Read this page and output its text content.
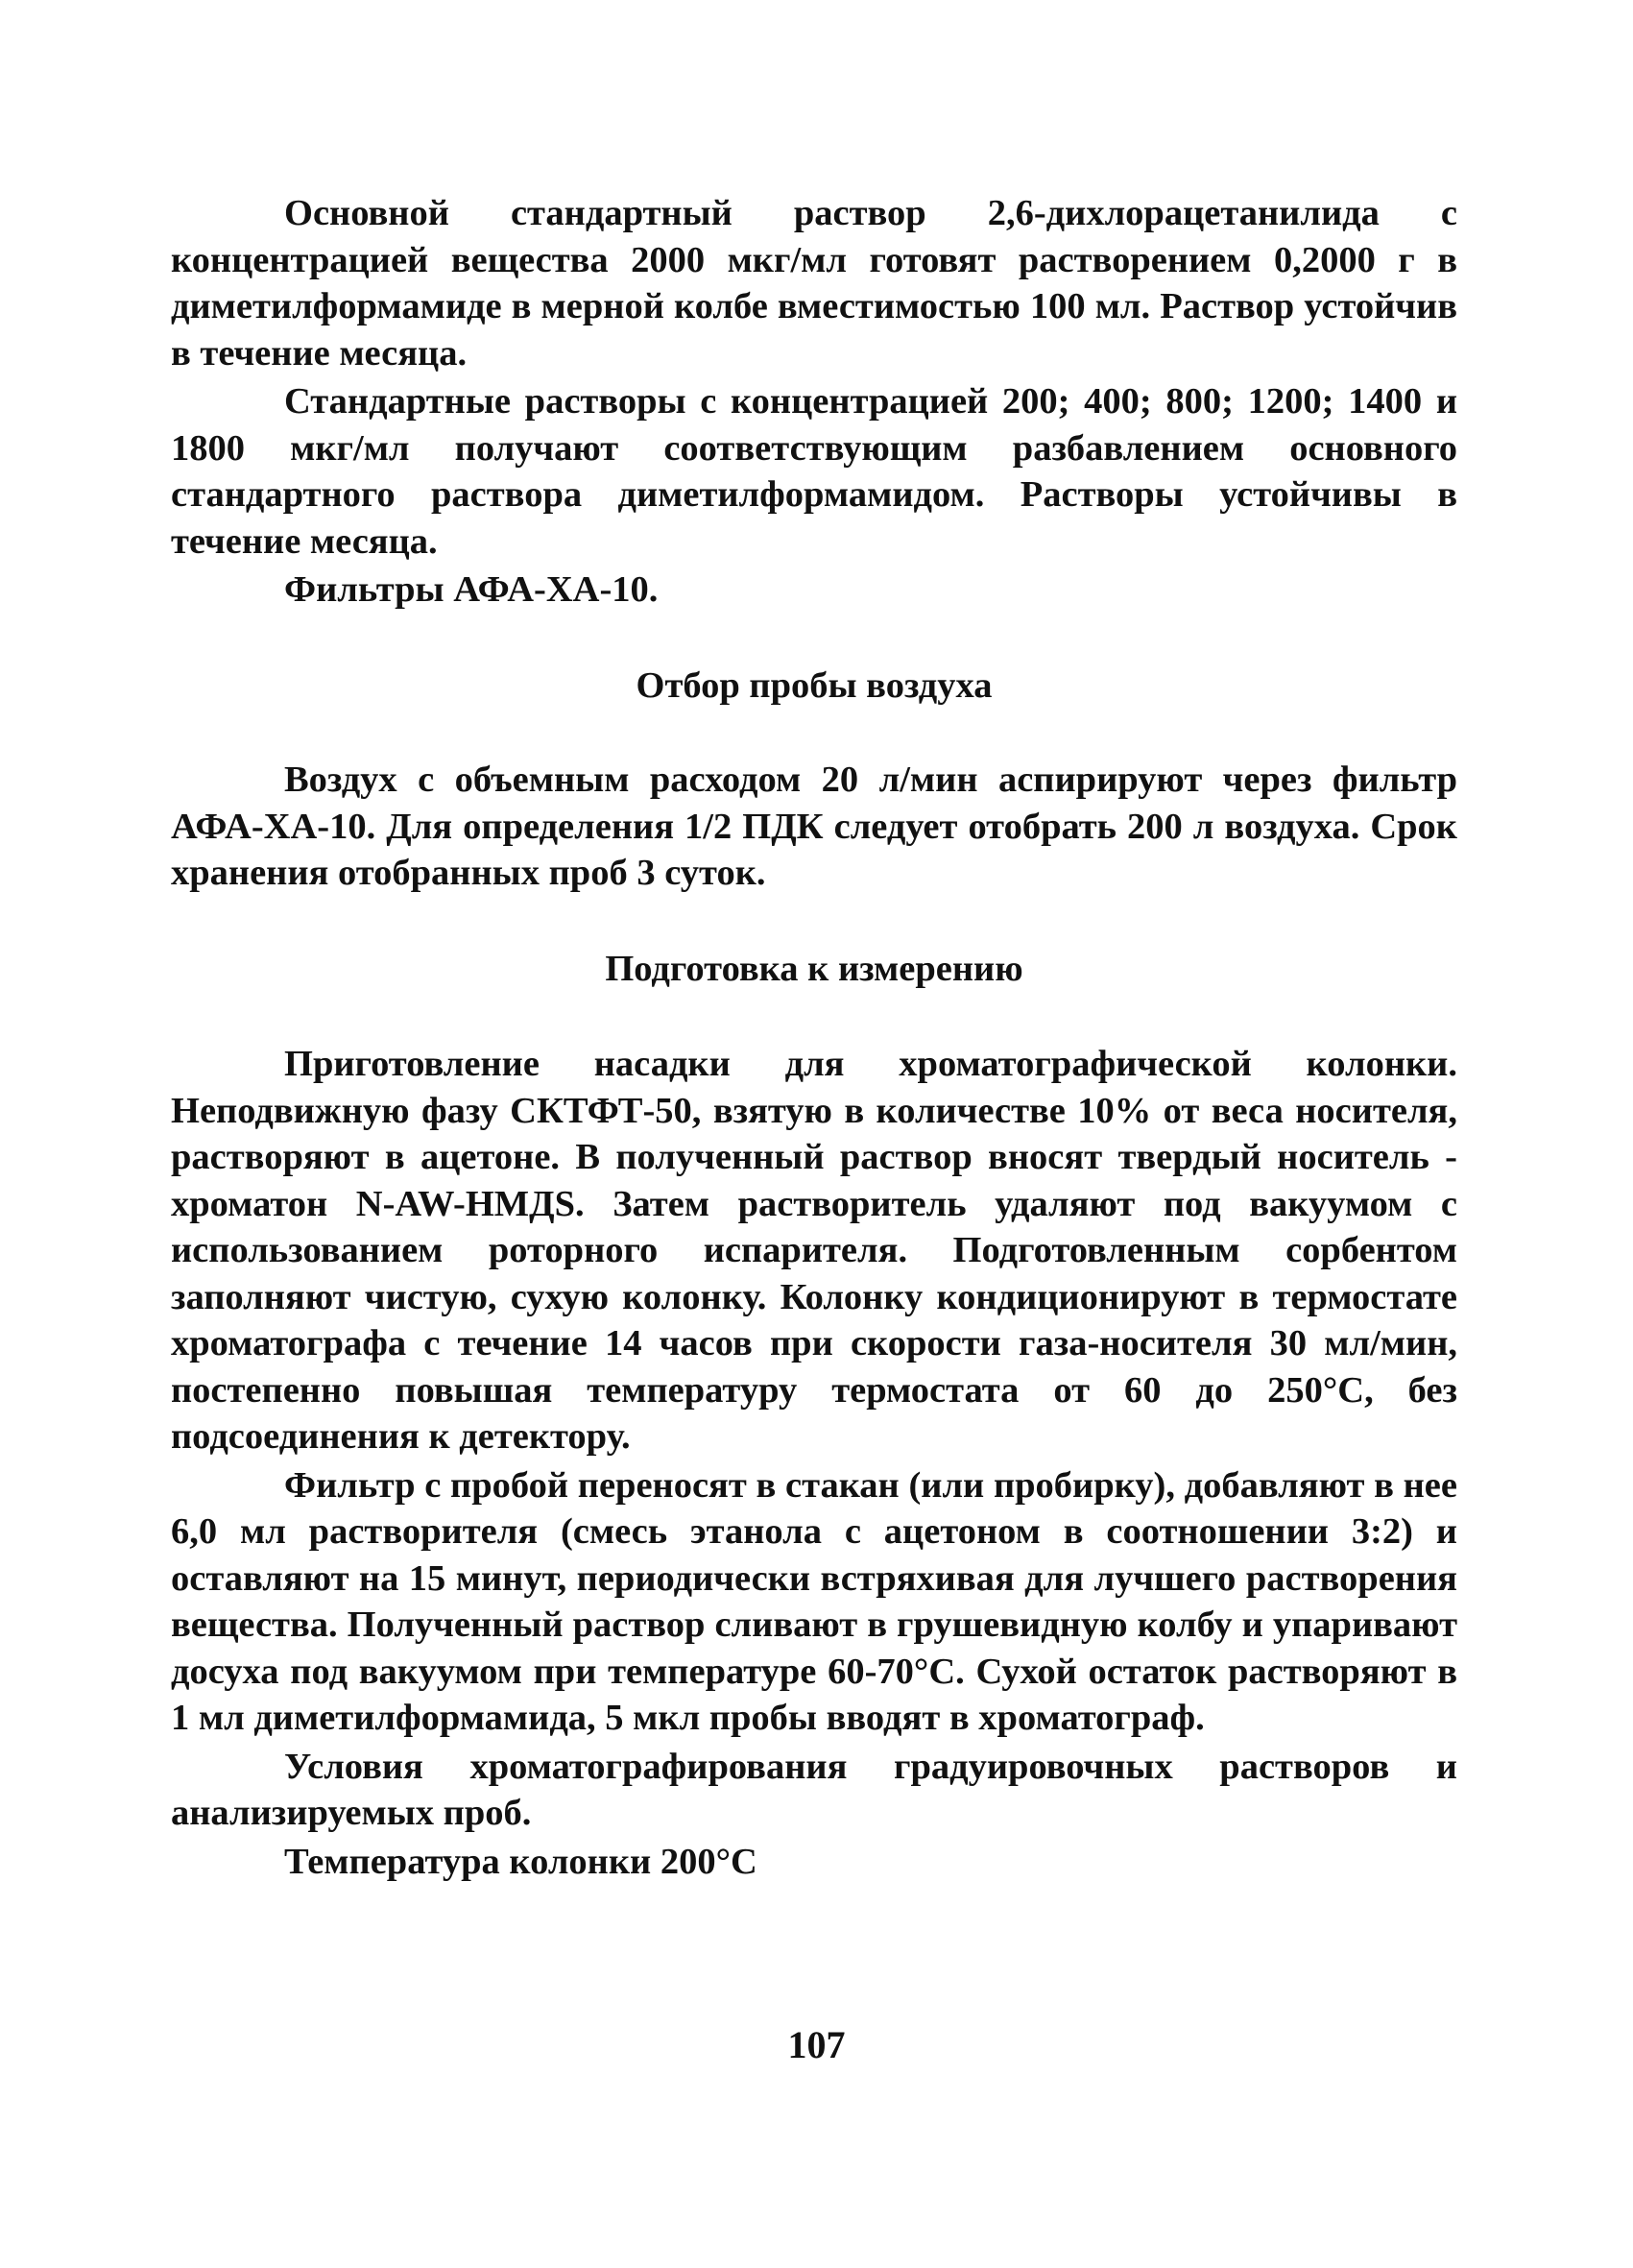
Основной стандартный раствор 2,6-дихлорацетанилида с концентрацией вещества 2000 мкг/мл готовят растворением 0,2000 г в диметилформамиде в мерной колбе вместимостью 100 мл. Раствор устойчив в течение месяца.

Стандартные растворы с концентрацией 200; 400; 800; 1200; 1400 и 1800 мкг/мл получают соответствующим разбавлением основного стандартного раствора диметилформамидом. Растворы устойчивы в течение месяца.

Фильтры АФА-ХА-10.

Отбор пробы воздуха

Воздух с объемным расходом 20 л/мин аспирируют через фильтр АФА-ХА-10. Для определения 1/2 ПДК следует отобрать 200 л воздуха. Срок хранения отобранных проб 3 суток.

Подготовка к измерению

Приготовление насадки для хроматографической колонки. Неподвижную фазу СКТФТ-50, взятую в количестве 10% от веса носителя, растворяют в ацетоне. В полученный раствор вносят твердый носитель - хроматон N-AW-HMДS. Затем растворитель удаляют под вакуумом с использованием роторного испарителя. Подготовленным сорбентом заполняют чистую, сухую колонку. Колонку кондиционируют в термостате хроматографа с течение 14 часов при скорости газа-носителя 30 мл/мин, постепенно повышая температуру термостата от 60 до 250°С, без подсоединения к детектору.

Фильтр с пробой переносят в стакан (или пробирку), добавляют в нее 6,0 мл растворителя (смесь этанола с ацетоном в соотношении 3:2) и оставляют на 15 минут, периодически встряхивая для лучшего растворения вещества. Полученный раствор сливают в грушевидную колбу и упаривают досуха под вакуумом при температуре 60-70°С. Сухой остаток растворяют в 1 мл диметилформамида, 5 мкл пробы вводят в хроматограф.

Условия хроматографирования градуировочных растворов и анализируемых проб.

Температура колонки 200°С

107
